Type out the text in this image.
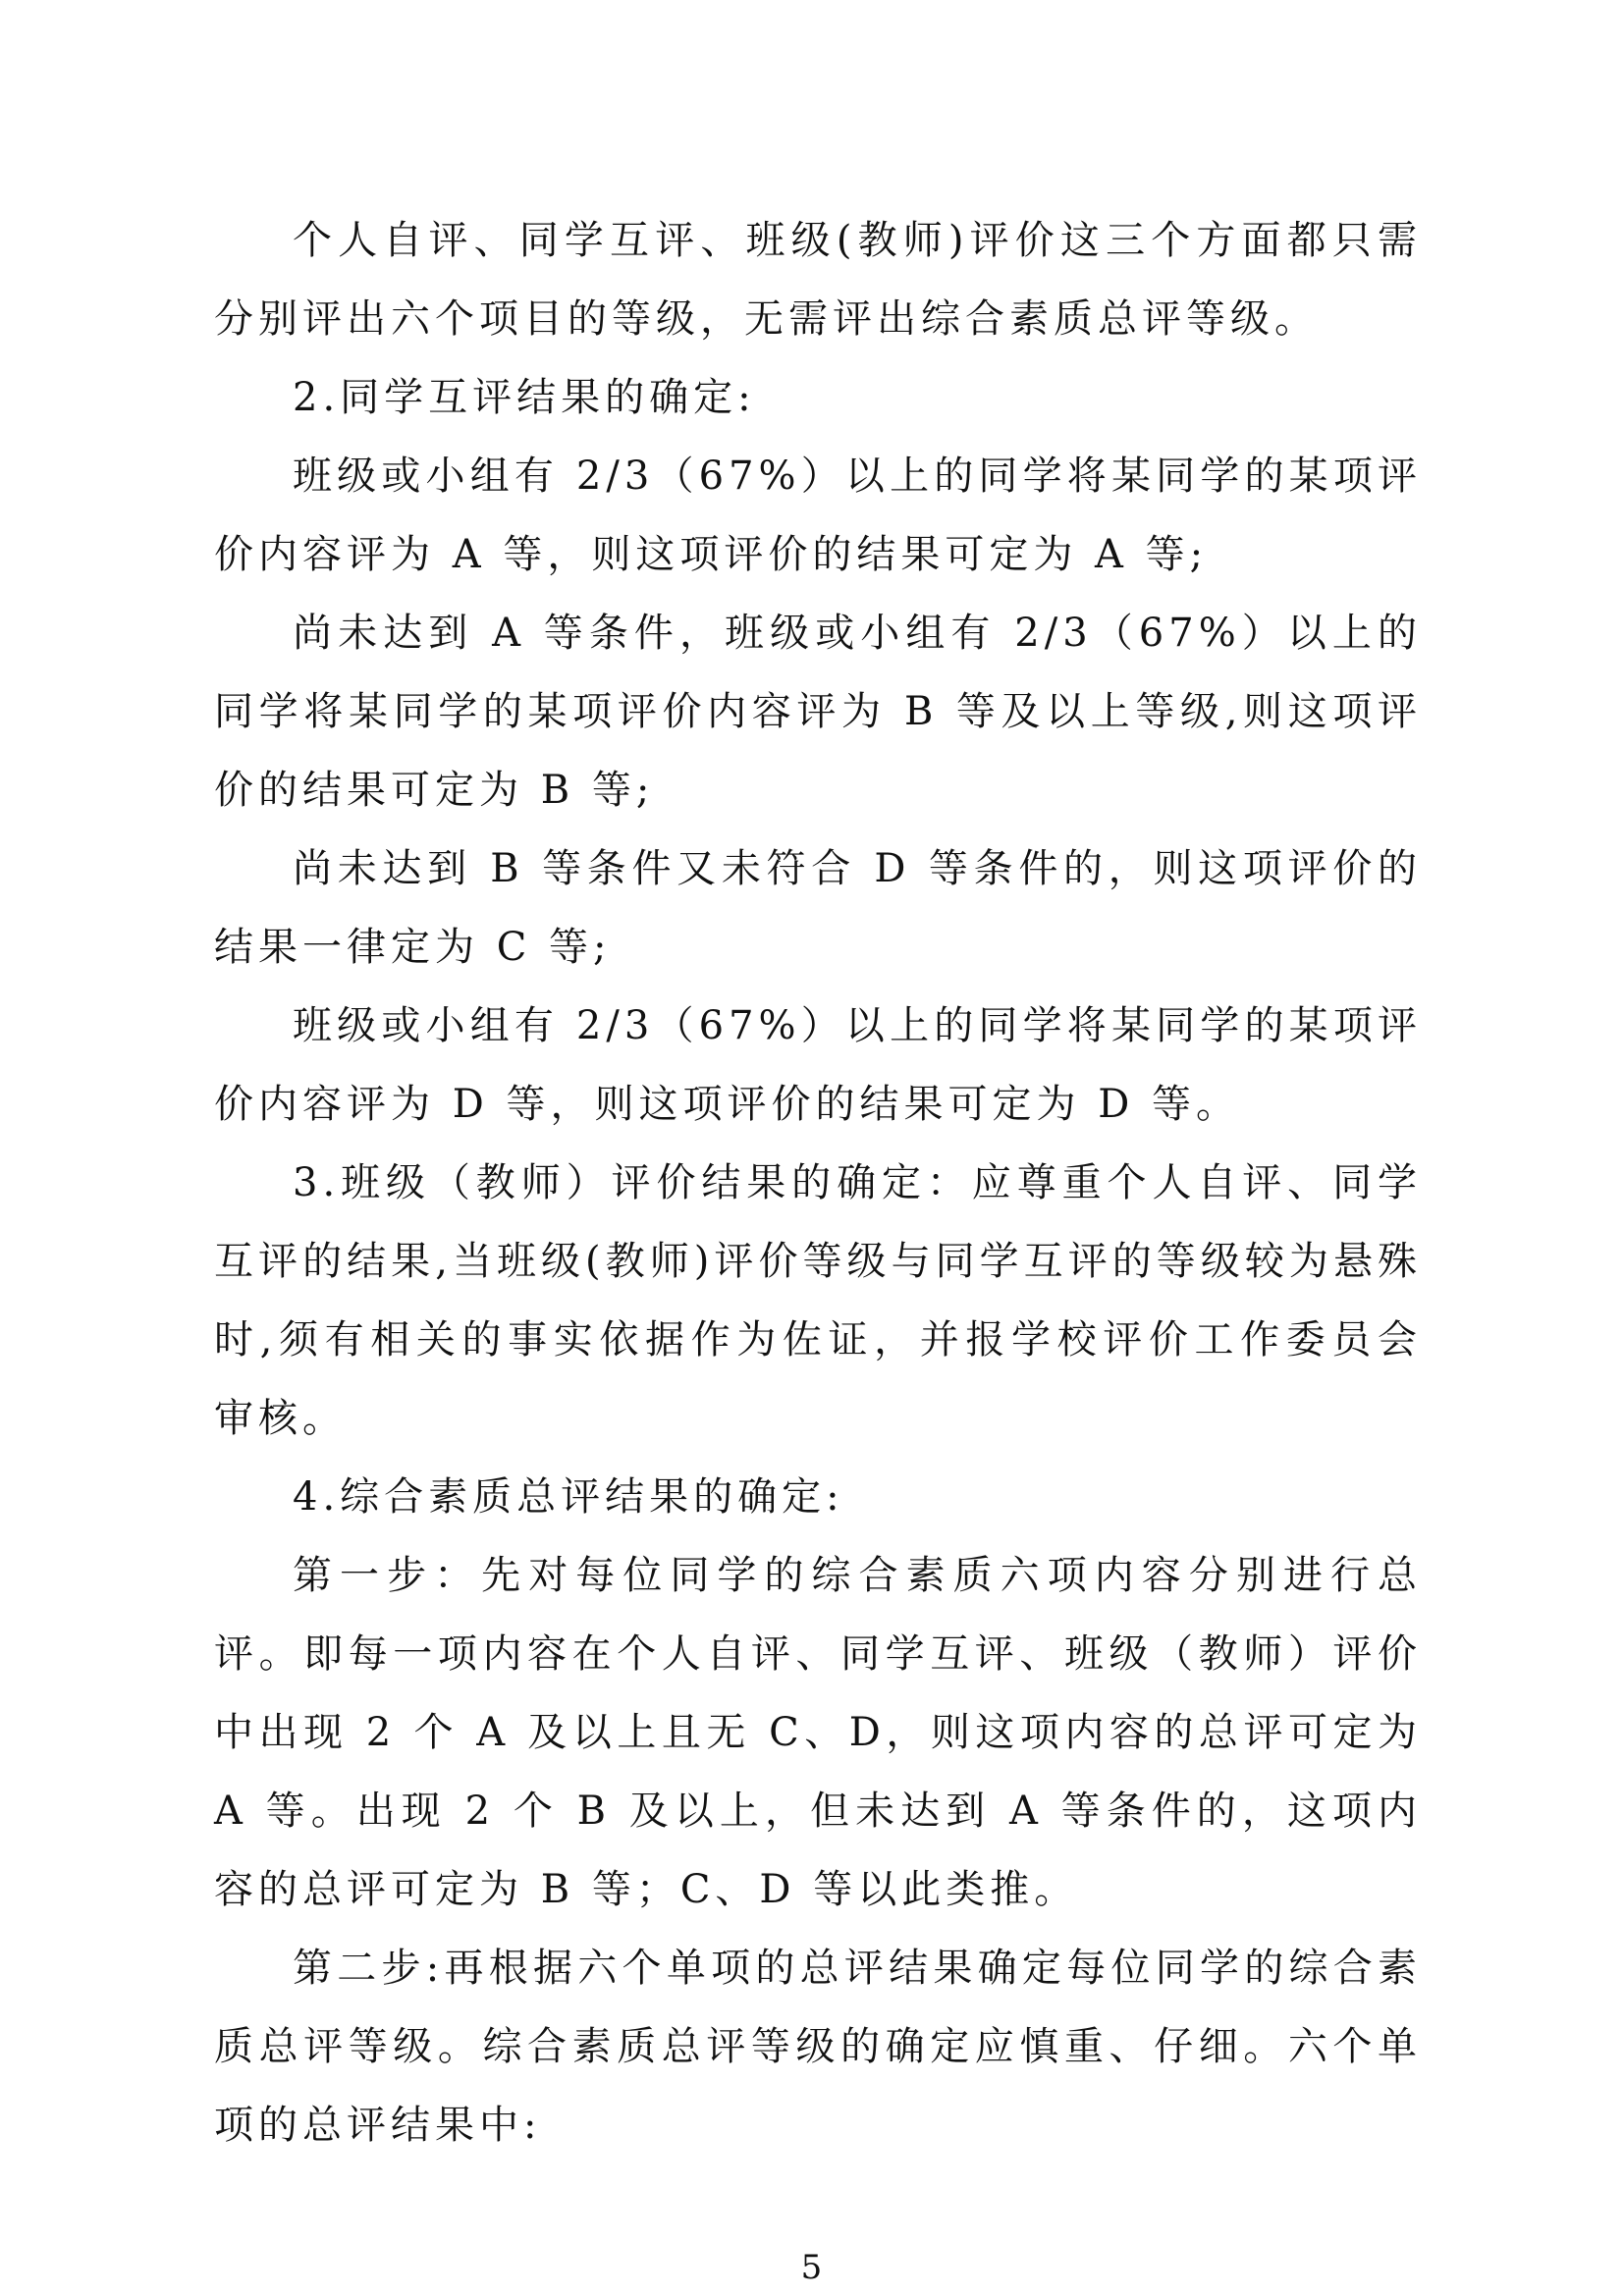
个人自评、同学互评、班级(教师)评价这三个方面都只需分别评出六个项目的等级，无需评出综合素质总评等级。

2.同学互评结果的确定:

班级或小组有 2/3（67%）以上的同学将某同学的某项评价内容评为 A 等，则这项评价的结果可定为 A 等;

尚未达到 A 等条件，班级或小组有 2/3（67%）以上的同学将某同学的某项评价内容评为 B 等及以上等级,则这项评价的结果可定为 B 等;

尚未达到 B 等条件又未符合 D 等条件的，则这项评价的结果一律定为 C 等;

班级或小组有 2/3（67%）以上的同学将某同学的某项评价内容评为 D 等，则这项评价的结果可定为 D 等。

3.班级（教师）评价结果的确定：应尊重个人自评、同学互评的结果,当班级(教师)评价等级与同学互评的等级较为悬殊时,须有相关的事实依据作为佐证，并报学校评价工作委员会审核。

4.综合素质总评结果的确定:

第一步：先对每位同学的综合素质六项内容分别进行总评。即每一项内容在个人自评、同学互评、班级（教师）评价中出现 2 个 A 及以上且无 C、D，则这项内容的总评可定为 A 等。出现 2 个 B 及以上，但未达到 A 等条件的，这项内容的总评可定为 B 等；C、D 等以此类推。

第二步:再根据六个单项的总评结果确定每位同学的综合素质总评等级。综合素质总评等级的确定应慎重、仔细。六个单项的总评结果中:

5
